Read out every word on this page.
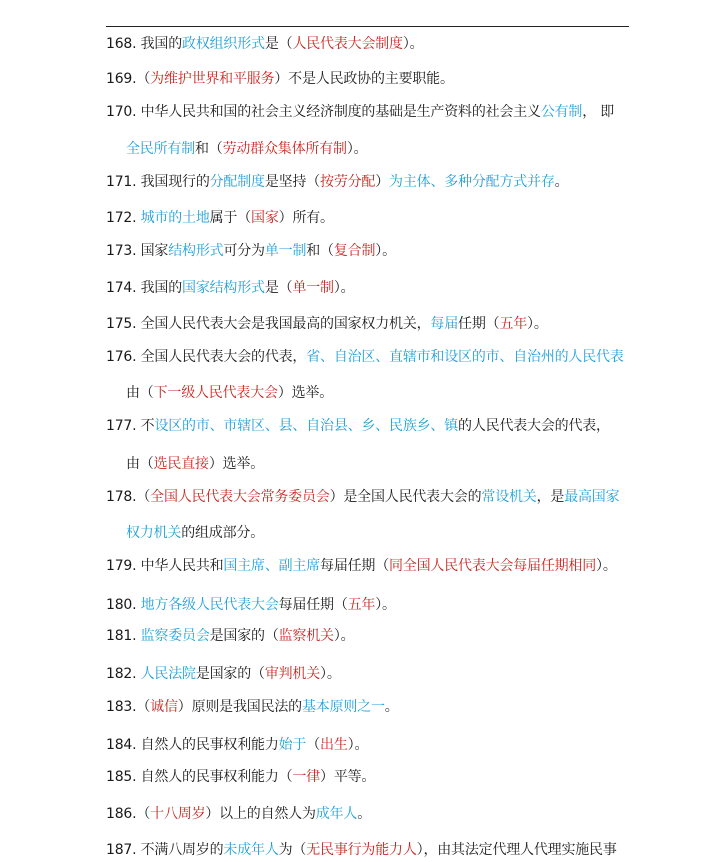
168. 我国的政权组织形式是（人民代表大会制度）。
169.（为维护世界和平服务）不是人民政协的主要职能。
170. 中华人民共和国的社会主义经济制度的基础是生产资料的社会主义公有制， 即
全民所有制和（劳动群众集体所有制）。
171. 我国现行的分配制度是坚持（按劳分配）为主体、多种分配方式并存。
172. 城市的土地属于（国家）所有。
173. 国家结构形式可分为单一制和（复合制）。
174. 我国的国家结构形式是（单一制）。
175. 全国人民代表大会是我国最高的国家权力机关，每届任期（五年）。
176. 全国人民代表大会的代表，省、自治区、直辖市和设区的市、自治州的人民代表
由（下一级人民代表大会）选举。
177. 不设区的市、市辖区、县、自治县、乡、民族乡、镇的人民代表大会的代表，
由（选民直接）选举。
178.（全国人民代表大会常务委员会）是全国人民代表大会的常设机关，是最高国家
权力机关的组成部分。
179. 中华人民共和国主席、副主席每届任期（同全国人民代表大会每届任期相同）。
180. 地方各级人民代表大会每届任期（五年）。
181. 监察委员会是国家的（监察机关）。
182. 人民法院是国家的（审判机关）。
183.（诚信）原则是我国民法的基本原则之一。
184. 自然人的民事权利能力始于（出生）。
185. 自然人的民事权利能力（一律）平等。
186.（十八周岁）以上的自然人为成年人。
187. 不满八周岁的未成年人为（无民事行为能力人），由其法定代理人代理实施民事
